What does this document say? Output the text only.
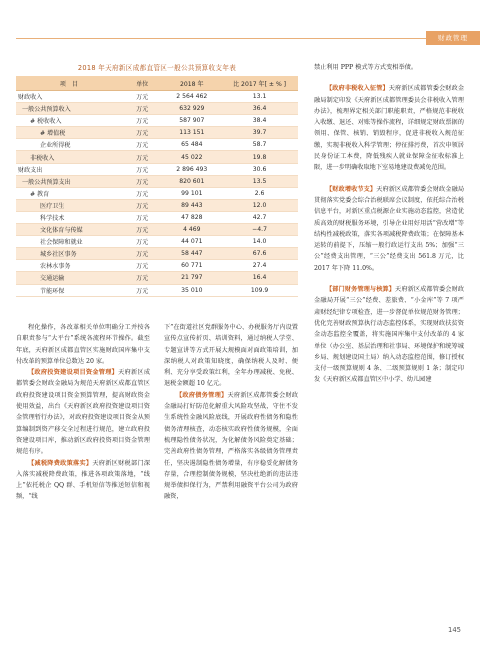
财政管理
2018 年天府新区成都直管区一般公共预算收支年表
项　目	单位	2018 年	比 2017 年[ ± % ]
财政收入	万元	2 564 462	13.1
一般公共预算收入	万元	632 929	36.4
# 税收收入	万元	587 907	38.4
# 增值税	万元	113 151	39.7
企业所得税	万元	65 484	58.7
非税收入	万元	45 022	19.8
财政支出	万元	2 896 493	30.6
一般公共预算支出	万元	820 601	13.5
# 教育	万元	99 101	2.6
医疗卫生	万元	89 443	12.0
科学技术	万元	47 828	42.7
文化体育与传媒	万元	4 469	−4.7
社会保障和就业	万元	44 071	14.0
城乡社区事务	万元	58 447	67.6
农林水事务	万元	60 771	27.4
交通运输	万元	21 797	16.4
节能环保	万元	35 010	109.9

程化操作，各改革相关单位明确分工并按各自职责参与“大平台”系统各流程环节操作。截至年底，天府新区成都直管区实施财政国库集中支付改革的预算单位总数达 20 家。

【政府投资建设项目资金管理】天府新区成都管委会财政金融局为规范天府新区成都直管区政府投资建设项目资金预算管理，提高财政资金使用效益，出台《天府新区政府投资建设项目资金管理暂行办法》，对政府投资建设项目资金从预算编制到资产移交全过程进行规范，建立政府投资建设项目库，推动新区政府投资项目资金管理规范有序。

【减税降费政策落实】天府新区财税部门深入落实减税降费政策，推进各项政策落地，“线上”依托税企 QQ 群、手机短信等推送短信和视频，“线

下”在街道社区党群服务中心、办税服务厅内设置宣传点宣传折页、培训资料，通过纳税人学堂、专题宣讲等方式开展大规模面对面政策培训，加深纳税人对政策知晓度，确保纳税人及时、便利、充分享受政策红利，全年办理减税、免税、退税金额超 10 亿元。

【政府债务管理】天府新区成都管委会财政金融局打好防范化解重大风险攻坚战，守住不发生系统性金融风险底线，开展政府性债务和隐性债务清理核查，动态核实政府性债务规模，全面梳理隐性债务状况，为化解债务风险奠定基础；完善政府性债务管理，严格落实各级债务管理责任，坚决遏制隐性债务增量，有序稳妥化解债务存量，合理控制债务规模，坚决杜绝新的违法违规举债担保行为，严禁利用融资平台公司为政府融资，

禁止利用 PPP 模式等方式变相举债。

【政府非税收入征管】天府新区成都管委会财政金融局制定印发《天府新区成都管理委员会非税收入管理办法》，梳理界定相关部门职能职责，严格规范非税收入收缴、退还、对账等操作流程，详细规定财政票据的领用、保管、核销、销毁程序，促进非税收入规范征缴，实现非税收入科学管理；停征排污费，首次申领居民身份证工本费，降低残疾人就业保障金征收标准上限，进一步明确收取地下室易地建设费减免范围。

【财政增收节支】天府新区成都管委会财政金融局贯彻落实党委会综合治税联席会议制度，依托综合治税信息平台，对新区重点税源企业实施动态监控，营造优质高效的财税服务环境，引导企业用好用活“营改增”等结构性减税政策，落实各项减税降费政策；在保障基本运转的前提下，压缩一般行政运行支出 5%；加强“三公”经费支出管理，“三公”经费支出 561.8 万元，比 2017 年下降 11.0%。

【部门财务管理与核算】天府新区成都管委会财政金融局开展“三公”经费、差旅费、“小金库”等 7 项严肃财经纪律专项检查，进一步督促单位规范财务管理；优化完善财政预算执行动态监控体系，实现财政扶贫资金动态监控全覆盖，将实施国库集中支付改革的 4 家单位（办公室、基层治理和社事局、环境保护和统筹城乡局、规划建设国土局）纳入动态监控范围，修订授权支付一级预算规则 4 条、二级预算规则 1 条；制定印发《天府新区成都直管区中小学、幼儿园建

145
